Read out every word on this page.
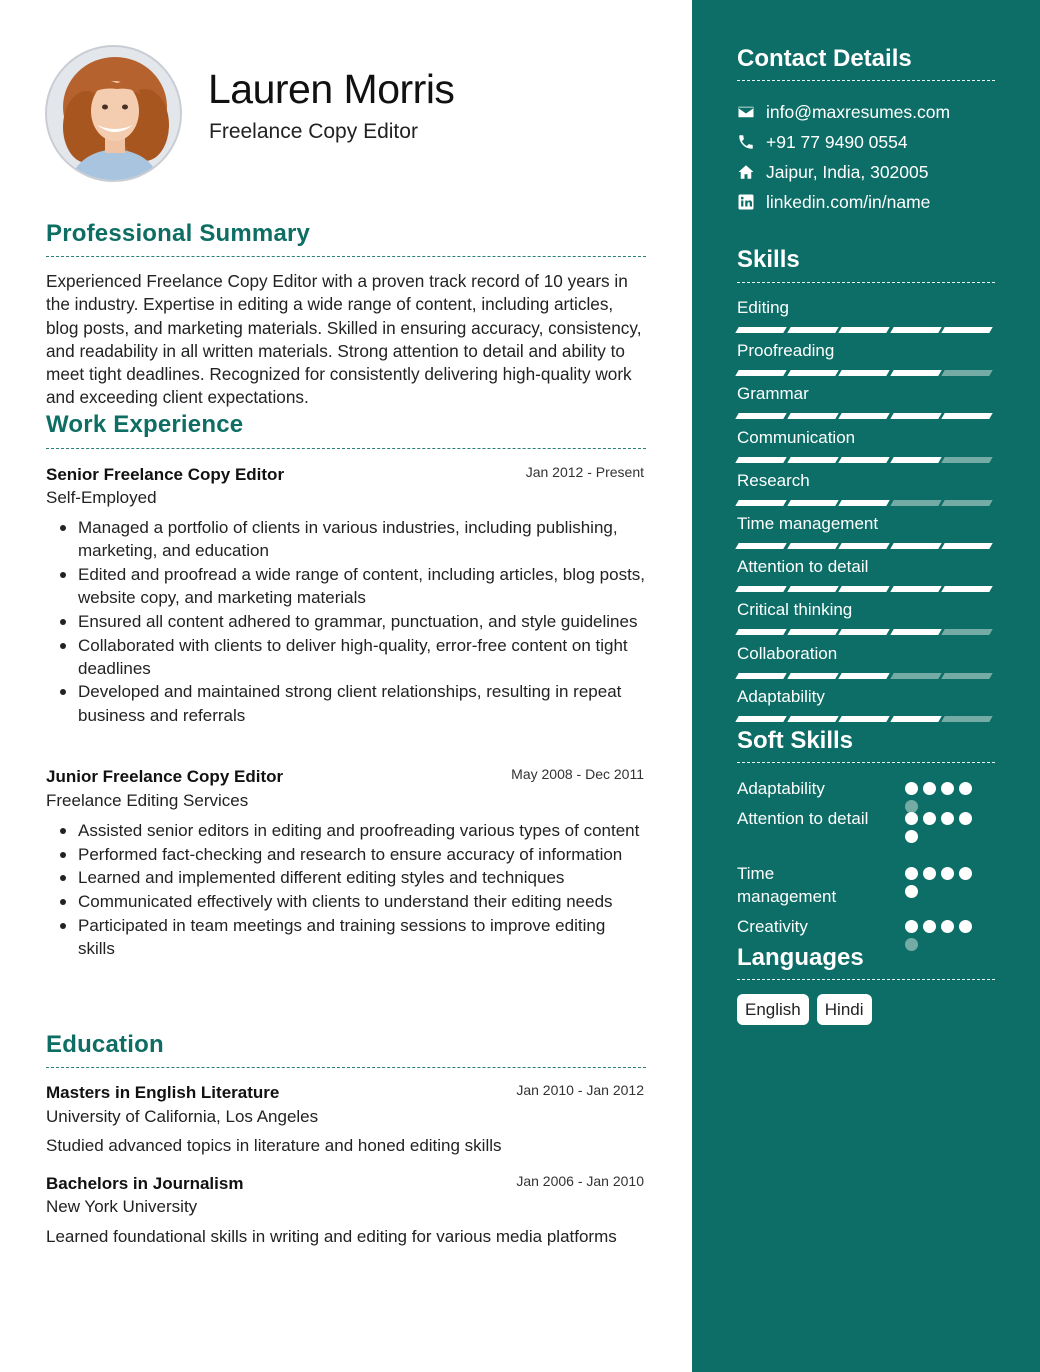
Lauren Morris
Freelance Copy Editor
Professional Summary
Experienced Freelance Copy Editor with a proven track record of 10 years in the industry. Expertise in editing a wide range of content, including articles, blog posts, and marketing materials. Skilled in ensuring accuracy, consistency, and readability in all written materials. Strong attention to detail and ability to meet tight deadlines. Recognized for consistently delivering high-quality work and exceeding client expectations.
Work Experience
Senior Freelance Copy Editor	Jan 2012 - Present
Self-Employed
Managed a portfolio of clients in various industries, including publishing, marketing, and education
Edited and proofread a wide range of content, including articles, blog posts, website copy, and marketing materials
Ensured all content adhered to grammar, punctuation, and style guidelines
Collaborated with clients to deliver high-quality, error-free content on tight deadlines
Developed and maintained strong client relationships, resulting in repeat business and referrals
Junior Freelance Copy Editor	May 2008 - Dec 2011
Freelance Editing Services
Assisted senior editors in editing and proofreading various types of content
Performed fact-checking and research to ensure accuracy of information
Learned and implemented different editing styles and techniques
Communicated effectively with clients to understand their editing needs
Participated in team meetings and training sessions to improve editing skills
Education
Masters in English Literature	Jan 2010 - Jan 2012
University of California, Los Angeles
Studied advanced topics in literature and honed editing skills
Bachelors in Journalism	Jan 2006 - Jan 2010
New York University
Learned foundational skills in writing and editing for various media platforms
Contact Details
info@maxresumes.com
+91 77 9490 0554
Jaipur, India, 302005
linkedin.com/in/name
Skills
Editing
Proofreading
Grammar
Communication
Research
Time management
Attention to detail
Critical thinking
Collaboration
Adaptability
Soft Skills
Adaptability
Attention to detail
Time management
Creativity
Languages
English	Hindi
